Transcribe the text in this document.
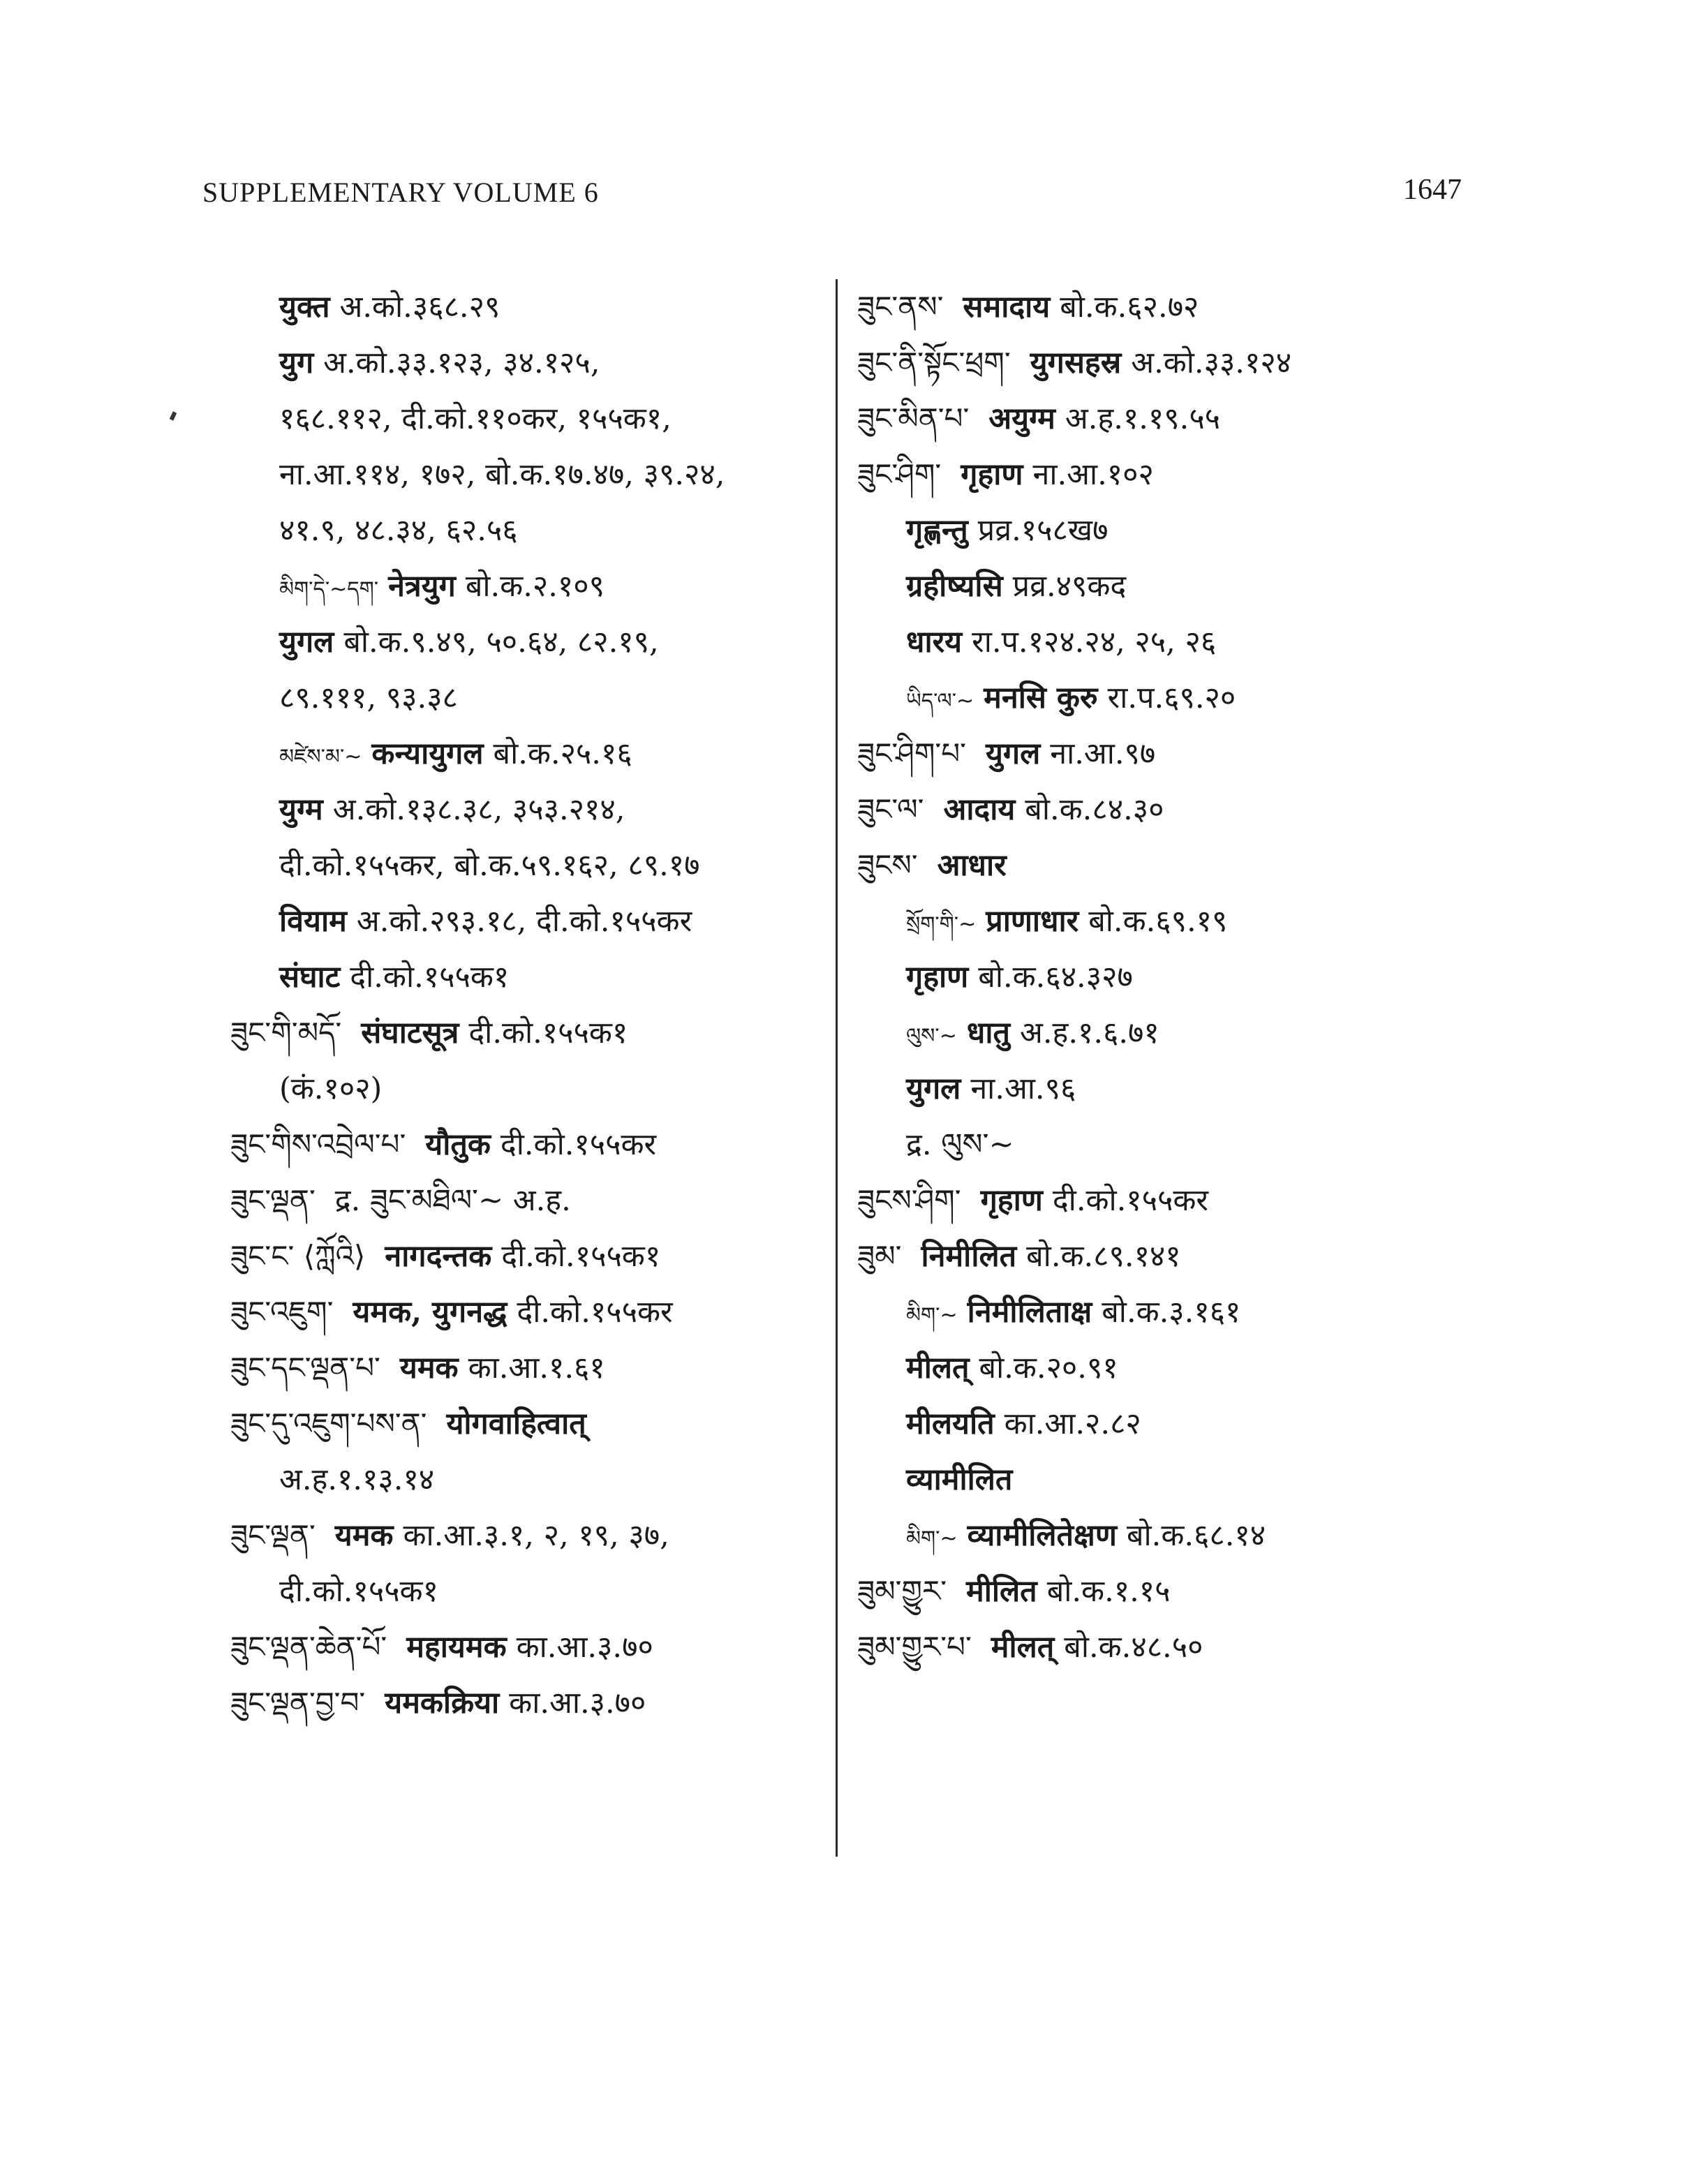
SUPPLEMENTARY VOLUME 6	1647
युक्त अ.को.३६८.२९
युग अ.को.३३.१२३, ३४.१२५,
१६८.११२, दी.को.११०कर, १५५क१,
ना.आ.११४, १७२, बो.क.१७.४७, ३९.२४,
४१.९, ४८.३४, ६२.५६
མིག་དེ་~དག་ नेत्रयुग बो.क.२.१०९
युगल बो.क.९.४९, ५०.६४, ८२.१९,
८९.१११, ९३.३८
མཛེས་མ་~ कन्यायुगल बो.क.२५.१६
युग्म अ.को.१३८.३८, ३५३.२१४,
दी.को.१५५कर, बो.क.५९.१६२, ८९.१७
वियाम अ.को.२९३.१८, दी.को.१५५कर
संघाट दी.को.१५५क१
ཟུང་གི་མདོ་ संघाटसूत्र दी.को.१५५क१
(कं.१०२)
ཟུང་གིས་འབྲེལ་པ་ यौतुक दी.को.१५५कर
ཟུང་ལྡན་ द्र. ཟུང་མཐིལ་~ अ.ह.
ཟུང་ང་ ⟨ཀློའི⟩ नागदन्तक दी.को.१५५क१
ཟུང་འཇུག་ यमक, युगनद्ध दी.को.१५५कर
ཟུང་དང་ལྡན་པ་ यमक का.आ.१.६१
ཟུང་དུ་འཇུག་པས་ན་ योगवाहित्वात्
अ.ह.१.१३.१४
ཟུང་ལྡན་ यमक का.आ.३.१, २, १९, ३७,
दी.को.१५५क१
ཟུང་ལྡན་ཆེན་པོ་ महायमक का.आ.३.७०
ཟུང་ལྡན་བྱ་བ་ यमकक्रिया का.आ.३.७०
ཟུང་ནས་ समादाय बो.क.६२.७२
ཟུང་ནི་སྟོང་ཕྲག་ युगसहस्र अ.को.३३.१२४
ཟུང་མིན་པ་ अयुग्म अ.ह.१.१९.५५
ཟུང་ཤིག་ गृहाण ना.आ.१०२
गृह्णन्तु प्रव्र.१५८ख७
ग्रहीष्यसि प्रव्र.४९कद
धारय रा.प.१२४.२४, २५, २६
ཡིད་ལ་~ मनसि कुरु रा.प.६९.२०
ཟུང་ཤིག་པ་ युगल ना.आ.९७
ཟུང་ལ་ आदाय बो.क.८४.३०
ཟུངས་ आधार
སྲོག་གི་~ प्राणाधार बो.क.६९.१९
गृहाण बो.क.६४.३२७
ལུས་~ धातु अ.ह.१.६.७१
युगल ना.आ.९६
द्र. ལུས་~
ཟུངས་ཤིག་ गृहाण दी.को.१५५कर
ཟུམ་ निमीलित बो.क.८९.१४१
མིག་~ निमीलिताक्ष बो.क.३.१६१
मीलत् बो.क.२०.९१
मीलयति का.आ.२.८२
व्यामीलित
མིག་~ व्यामीलितेक्षण बो.क.६८.१४
ཟུམ་གྱུར་ मीलित बो.क.१.१५
ཟུམ་གྱུར་པ་ मीलत् बो.क.४८.५०
